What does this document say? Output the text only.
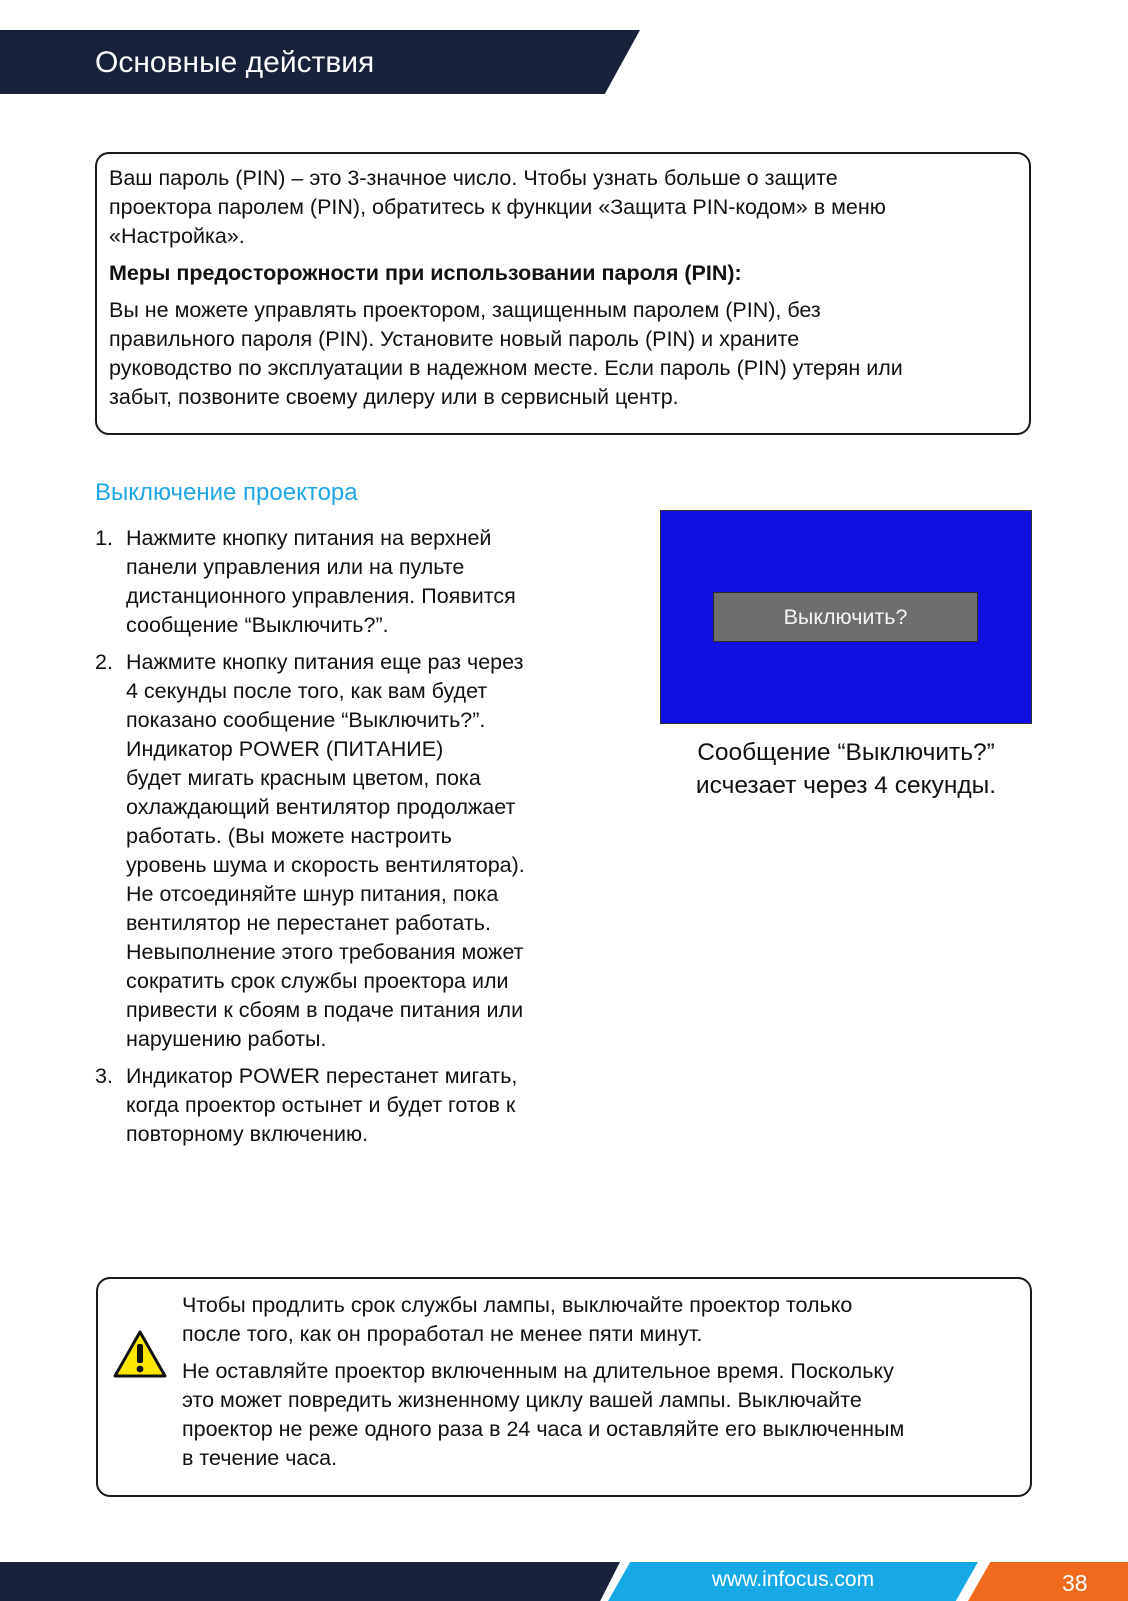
Основные действия

Ваш пароль (PIN) – это 3-значное число. Чтобы узнать больше о защите
проектора паролем (PIN), обратитесь к функции «Защита PIN-кодом» в меню
«Настройка».

Меры предосторожности при использовании пароля (PIN):

Вы не можете управлять проектором, защищенным паролем (PIN), без
правильного пароля (PIN). Установите новый пароль (PIN) и храните
руководство по эксплуатации в надежном месте. Если пароль (PIN) утерян или
забыт, позвоните своему дилеру или в сервисный центр.

Выключение проектора
1. Нажмите кнопку питания на верхней
панели управления или на пульте
дистанционного управления. Появится
сообщение “Выключить?”.
2. Нажмите кнопку питания еще раз через
4 секунды после того, как вам будет
показано сообщение “Выключить?”.
Индикатор POWER (ПИТАНИЕ)
будет мигать красным цветом, пока
охлаждающий вентилятор продолжает
работать. (Вы можете настроить
уровень шума и скорость вентилятора).
Не отсоединяйте шнур питания, пока
вентилятор не перестанет работать.
Невыполнение этого требования может
сократить срок службы проектора или
привести к сбоям в подаче питания или
нарушению работы.
3. Индикатор POWER перестанет мигать,
когда проектор остынет и будет готов к
повторному включению.
Выключить?
Сообщение “Выключить?”
исчезает через 4 секунды.

Чтобы продлить срок службы лампы, выключайте проектор только
после того, как он проработал не менее пяти минут.

Не оставляйте проектор включенным на длительное время. Поскольку
это может повредить жизненному циклу вашей лампы. Выключайте
проектор не реже одного раза в 24 часа и оставляйте его выключенным
в течение часа.

www.infocus.com	38
